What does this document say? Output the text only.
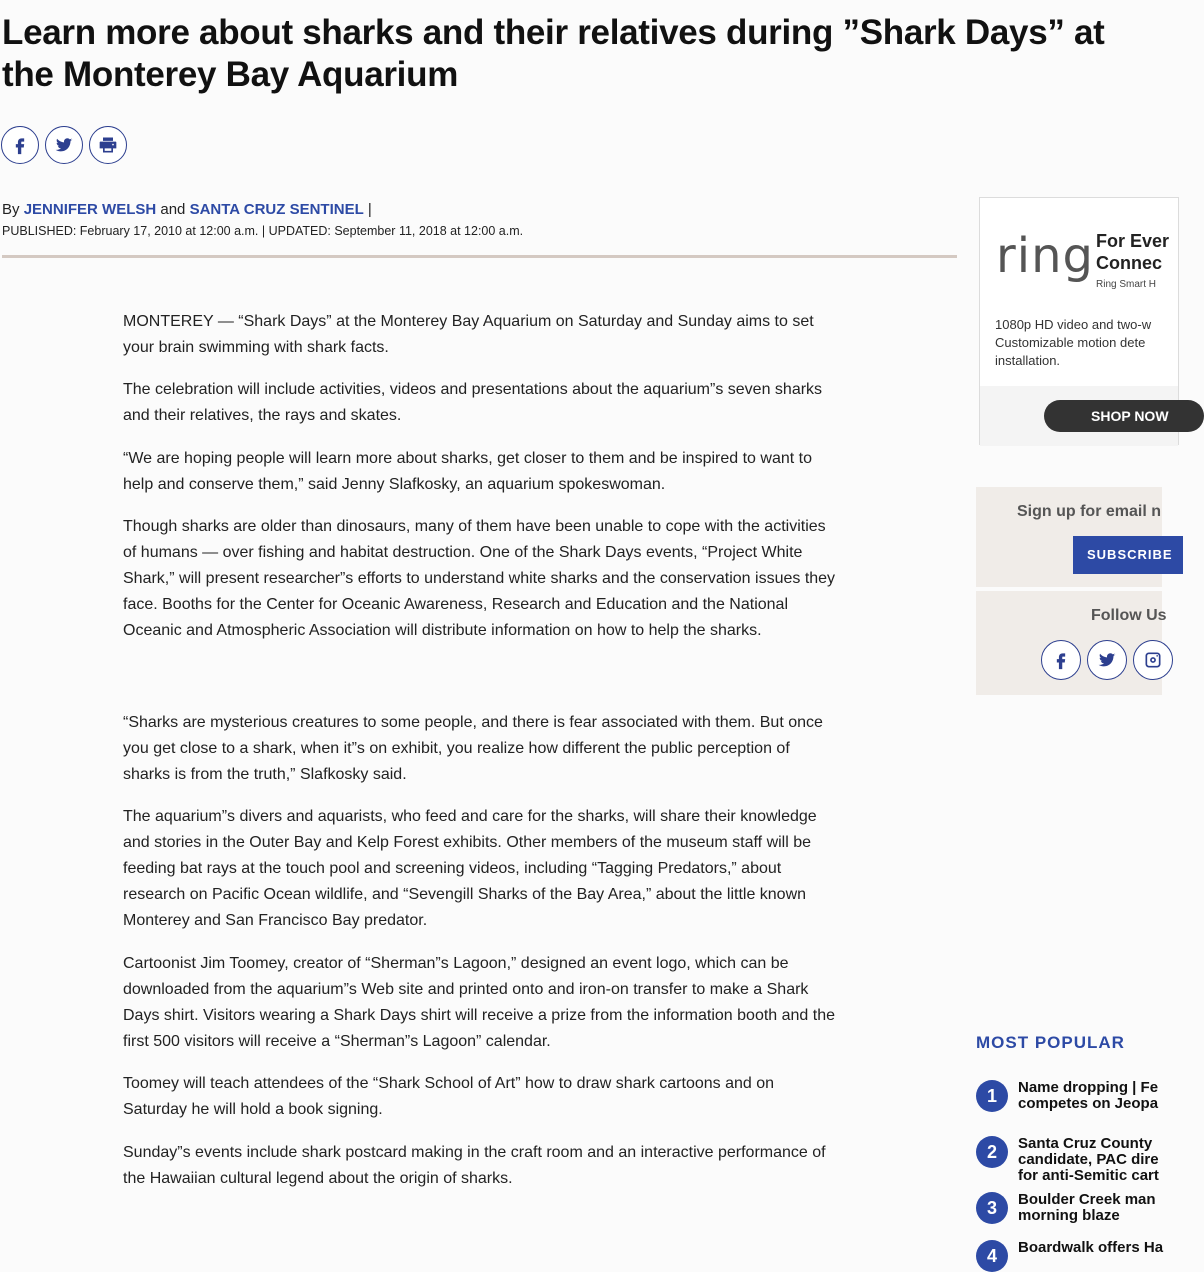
Learn more about sharks and their relatives during ”Shark Days” at the Monterey Bay Aquarium
By JENNIFER WELSH and SANTA CRUZ SENTINEL |
PUBLISHED: February 17, 2010 at 12:00 a.m. | UPDATED: September 11, 2018 at 12:00 a.m.

MONTEREY — “Shark Days” at the Monterey Bay Aquarium on Saturday and Sunday aims to set your brain swimming with shark facts.

The celebration will include activities, videos and presentations about the aquarium”s seven sharks and their relatives, the rays and skates.

“We are hoping people will learn more about sharks, get closer to them and be inspired to want to help and conserve them,” said Jenny Slafkosky, an aquarium spokeswoman.

Though sharks are older than dinosaurs, many of them have been unable to cope with the activities of humans — over fishing and habitat destruction. One of the Shark Days events, “Project White Shark,” will present researcher”s efforts to understand white sharks and the conservation issues they face. Booths for the Center for Oceanic Awareness, Research and Education and the National Oceanic and Atmospheric Association will distribute information on how to help the sharks.

“Sharks are mysterious creatures to some people, and there is fear associated with them. But once you get close to a shark, when it”s on exhibit, you realize how different the public perception of sharks is from the truth,” Slafkosky said.

The aquarium”s divers and aquarists, who feed and care for the sharks, will share their knowledge and stories in the Outer Bay and Kelp Forest exhibits. Other members of the museum staff will be feeding bat rays at the touch pool and screening videos, including “Tagging Predators,” about research on Pacific Ocean wildlife, and “Sevengill Sharks of the Bay Area,” about the little known Monterey and San Francisco Bay predator.

Cartoonist Jim Toomey, creator of “Sherman”s Lagoon,” designed an event logo, which can be downloaded from the aquarium”s Web site and printed onto and iron-on transfer to make a Shark Days shirt. Visitors wearing a Shark Days shirt will receive a prize from the information booth and the first 500 visitors will receive a “Sherman”s Lagoon” calendar.

Toomey will teach attendees of the “Shark School of Art” how to draw shark cartoons and on Saturday he will hold a book signing.

Sunday”s events include shark postcard making in the craft room and an interactive performance of the Hawaiian cultural legend about the origin of sharks.

ring For Ever
Connec
Ring Smart H
1080p HD video and two-w
Customizable motion dete
installation.
SHOP NOW
Sign up for email n
SUBSCRIBE
Follow Us
MOST POPULAR
1	Name dropping | Fe
competes on Jeopa
2	Santa Cruz County
candidate, PAC dire
for anti-Semitic cart
3	Boulder Creek man
morning blaze
4	Boardwalk offers Ha
